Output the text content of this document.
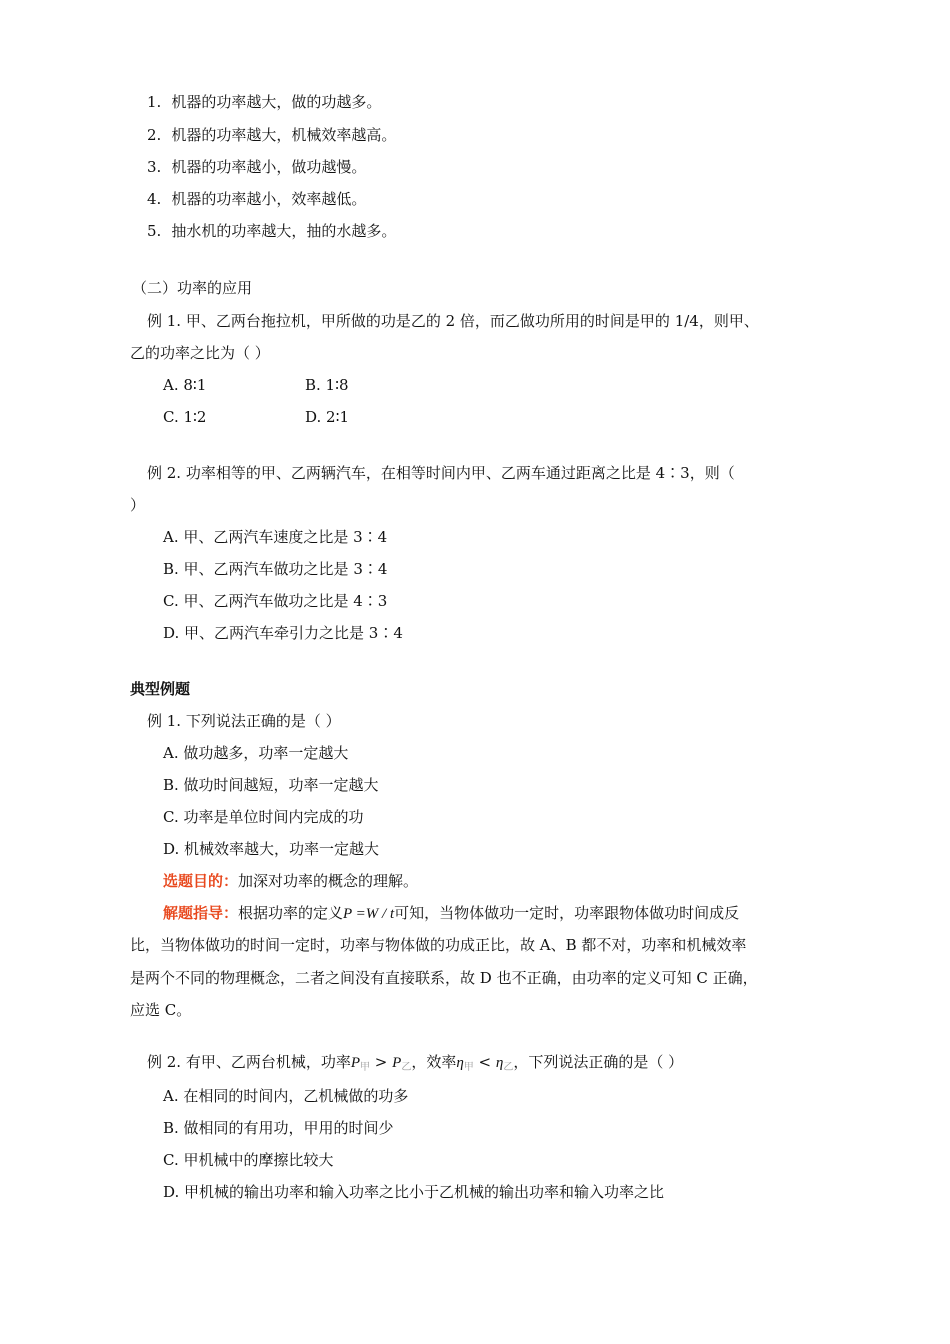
1. 机器的功率越大，做的功越多。
2. 机器的功率越大，机械效率越高。
3. 机器的功率越小，做功越慢。
4. 机器的功率越小，效率越低。
5. 抽水机的功率越大，抽的水越多。
（二）功率的应用
例 1. 甲、乙两台拖拉机，甲所做的功是乙的 2 倍，而乙做功所用的时间是甲的 1/4，则甲、
乙的功率之比为（ ）
A. 8∶1	B. 1∶8
C. 1∶2	D. 2∶1
例 2. 功率相等的甲、乙两辆汽车，在相等时间内甲、乙两车通过距离之比是 4∶3，则（
）
A. 甲、乙两汽车速度之比是 3∶4
B. 甲、乙两汽车做功之比是 3∶4
C. 甲、乙两汽车做功之比是 4∶3
D. 甲、乙两汽车牵引力之比是 3∶4
典型例题
例 1. 下列说法正确的是（ ）
A. 做功越多，功率一定越大
B. 做功时间越短，功率一定越大
C. 功率是单位时间内完成的功
D. 机械效率越大，功率一定越大
选题目的：加深对功率的概念的理解。
解题指导：根据功率的定义P =W / t可知，当物体做功一定时，功率跟物体做功时间成反
比，当物体做功的时间一定时，功率与物体做的功成正比，故 A、B 都不对，功率和机械效率
是两个不同的物理概念，二者之间没有直接联系，故 D 也不正确，由功率的定义可知 C 正确，
应选 C。
例 2. 有甲、乙两台机械，功率$P_甲 > P_乙$，效率$\eta_甲 < \eta_乙$，下列说法正确的是（ ）
A. 在相同的时间内，乙机械做的功多
B. 做相同的有用功，甲用的时间少
C. 甲机械中的摩擦比较大
D. 甲机械的输出功率和输入功率之比小于乙机械的输出功率和输入功率之比
